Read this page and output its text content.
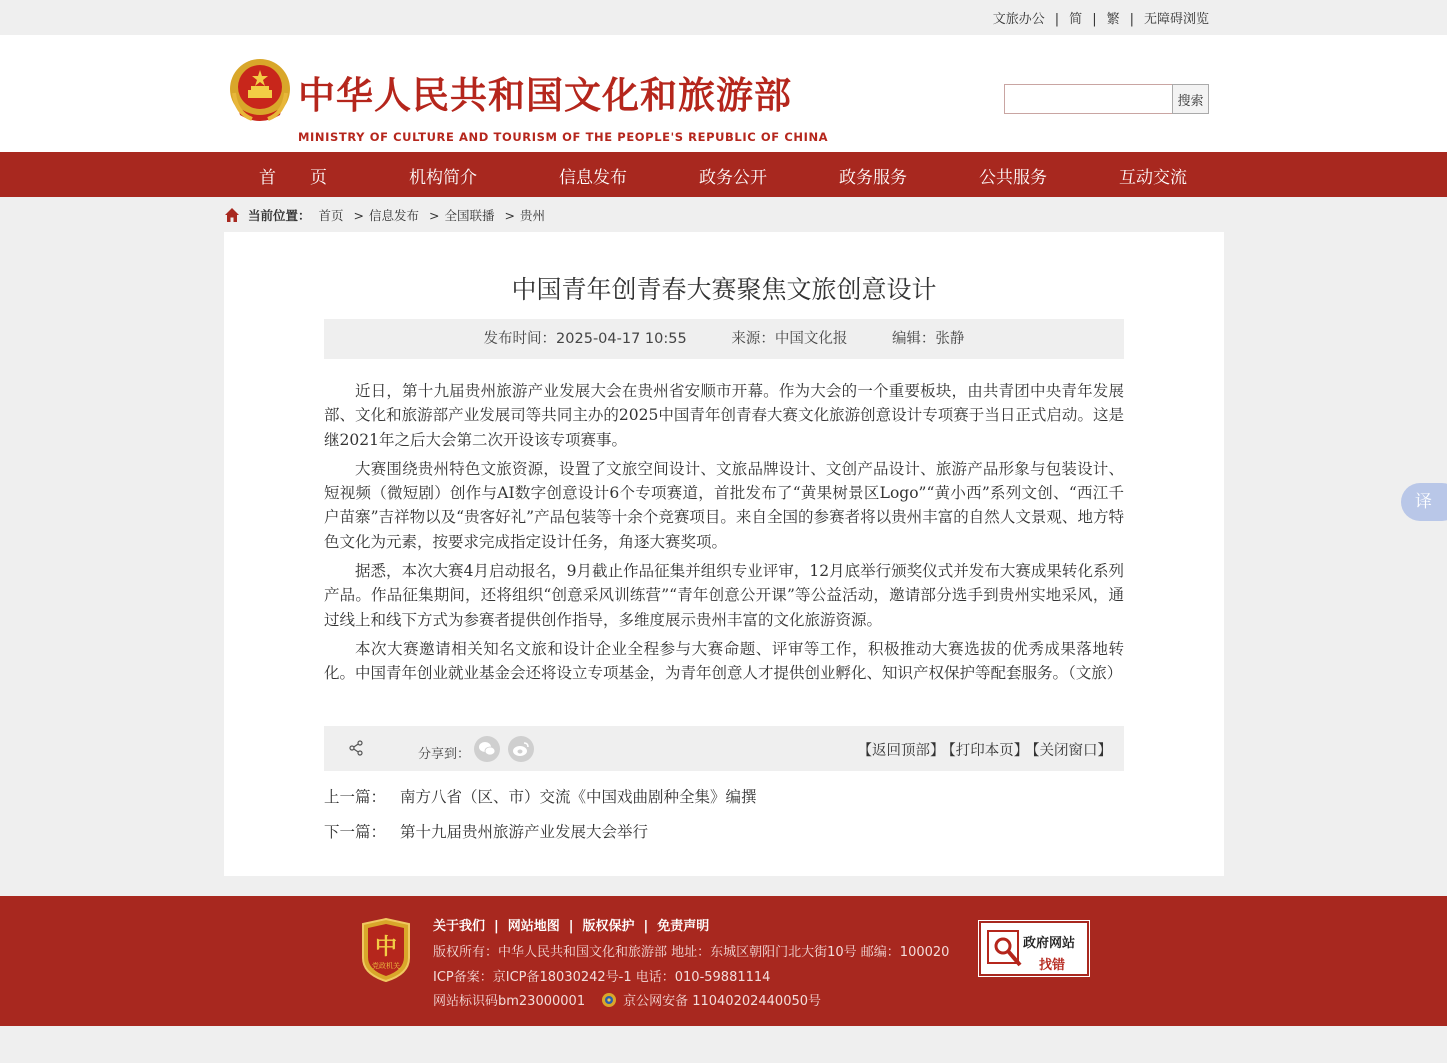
文旅办公 | 简 | 繁 | 无障碍浏览
中华人民共和国文化和旅游部
MINISTRY OF CULTURE AND TOURISM OF THE PEOPLE'S REPUBLIC OF CHINA
搜索
首　　页	机构简介	信息发布	政务公开	政务服务	公共服务	互动交流
当前位置： 首页 > 信息发布 > 全国联播 > 贵州
中国青年创青春大赛聚焦文旅创意设计
发布时间：2025-04-17 10:55	来源：中国文化报	编辑：张静

近日，第十九届贵州旅游产业发展大会在贵州省安顺市开幕。作为大会的一个重要板块，由共青团中央青年发展部、文化和旅游部产业发展司等共同主办的2025中国青年创青春大赛文化旅游创意设计专项赛于当日正式启动。这是继2021年之后大会第二次开设该专项赛事。

大赛围绕贵州特色文旅资源，设置了文旅空间设计、文旅品牌设计、文创产品设计、旅游产品形象与包装设计、短视频（微短剧）创作与AI数字创意设计6个专项赛道，首批发布了“黄果树景区Logo”“黄小西”系列文创、“西江千户苗寨”吉祥物以及“贵客好礼”产品包装等十余个竞赛项目。来自全国的参赛者将以贵州丰富的自然人文景观、地方特色文化为元素，按要求完成指定设计任务，角逐大赛奖项。

据悉，本次大赛4月启动报名，9月截止作品征集并组织专业评审，12月底举行颁奖仪式并发布大赛成果转化系列产品。作品征集期间，还将组织“创意采风训练营”“青年创意公开课”等公益活动，邀请部分选手到贵州实地采风，通过线上和线下方式为参赛者提供创作指导，多维度展示贵州丰富的文化旅游资源。

本次大赛邀请相关知名文旅和设计企业全程参与大赛命题、评审等工作，积极推动大赛选拔的优秀成果落地转化。中国青年创业就业基金会还将设立专项基金，为青年创意人才提供创业孵化、知识产权保护等配套服务。（文旅）

分享到：	【返回顶部】 【打印本页】 【关闭窗口】
上一篇： 南方八省（区、市）交流《中国戏曲剧种全集》编撰
下一篇： 第十九届贵州旅游产业发展大会举行
译
中
党政机关
关于我们 | 网站地图 | 版权保护 | 免责声明
版权所有：中华人民共和国文化和旅游部 地址：东城区朝阳门北大街10号 邮编：100020
ICP备案：京ICP备18030242号-1 电话：010-59881114
网站标识码bm23000001	京公网安备 11040202440050号
政府网站
找错
